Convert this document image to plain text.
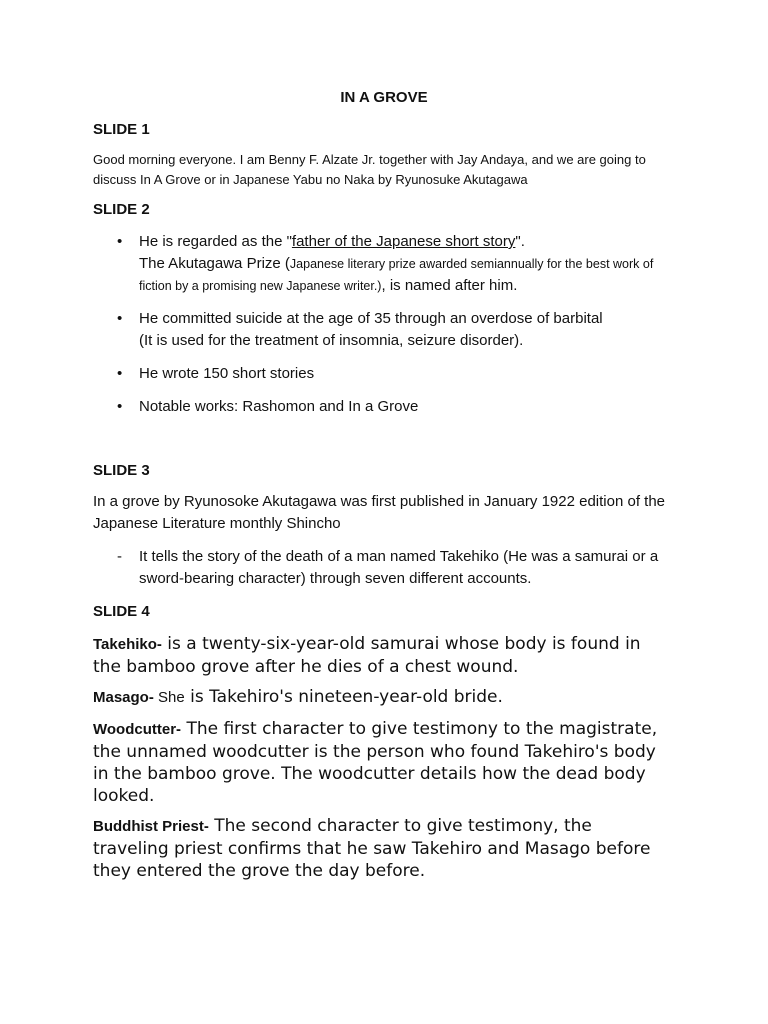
IN A GROVE
SLIDE 1
Good morning everyone. I am Benny F. Alzate Jr. together with Jay Andaya, and we are going to discuss In A Grove or in Japanese Yabu no Naka by Ryunosuke Akutagawa
SLIDE 2
• He is regarded as the "father of the Japanese short story".
The Akutagawa Prize (Japanese literary prize awarded semiannually for the best work of fiction by a promising new Japanese writer.), is named after him.
• He committed suicide at the age of 35 through an overdose of barbital
(It is used for the treatment of insomnia, seizure disorder).
• He wrote 150 short stories
• Notable works: Rashomon and In a Grove
SLIDE 3
In a grove by Ryunosoke Akutagawa was first published in January 1922 edition of the Japanese Literature monthly Shincho
-	It tells the story of the death of a man named Takehiko (He was a samurai or a sword-bearing character) through seven different accounts.
SLIDE 4
Takehiko- is a twenty-six-year-old samurai whose body is found in the bamboo grove after he dies of a chest wound.
Masago- She is Takehiro's nineteen-year-old bride.
Woodcutter- The first character to give testimony to the magistrate, the unnamed woodcutter is the person who found Takehiro's body in the bamboo grove. The woodcutter details how the dead body looked.
Buddhist Priest- The second character to give testimony, the traveling priest confirms that he saw Takehiro and Masago before they entered the grove the day before.
